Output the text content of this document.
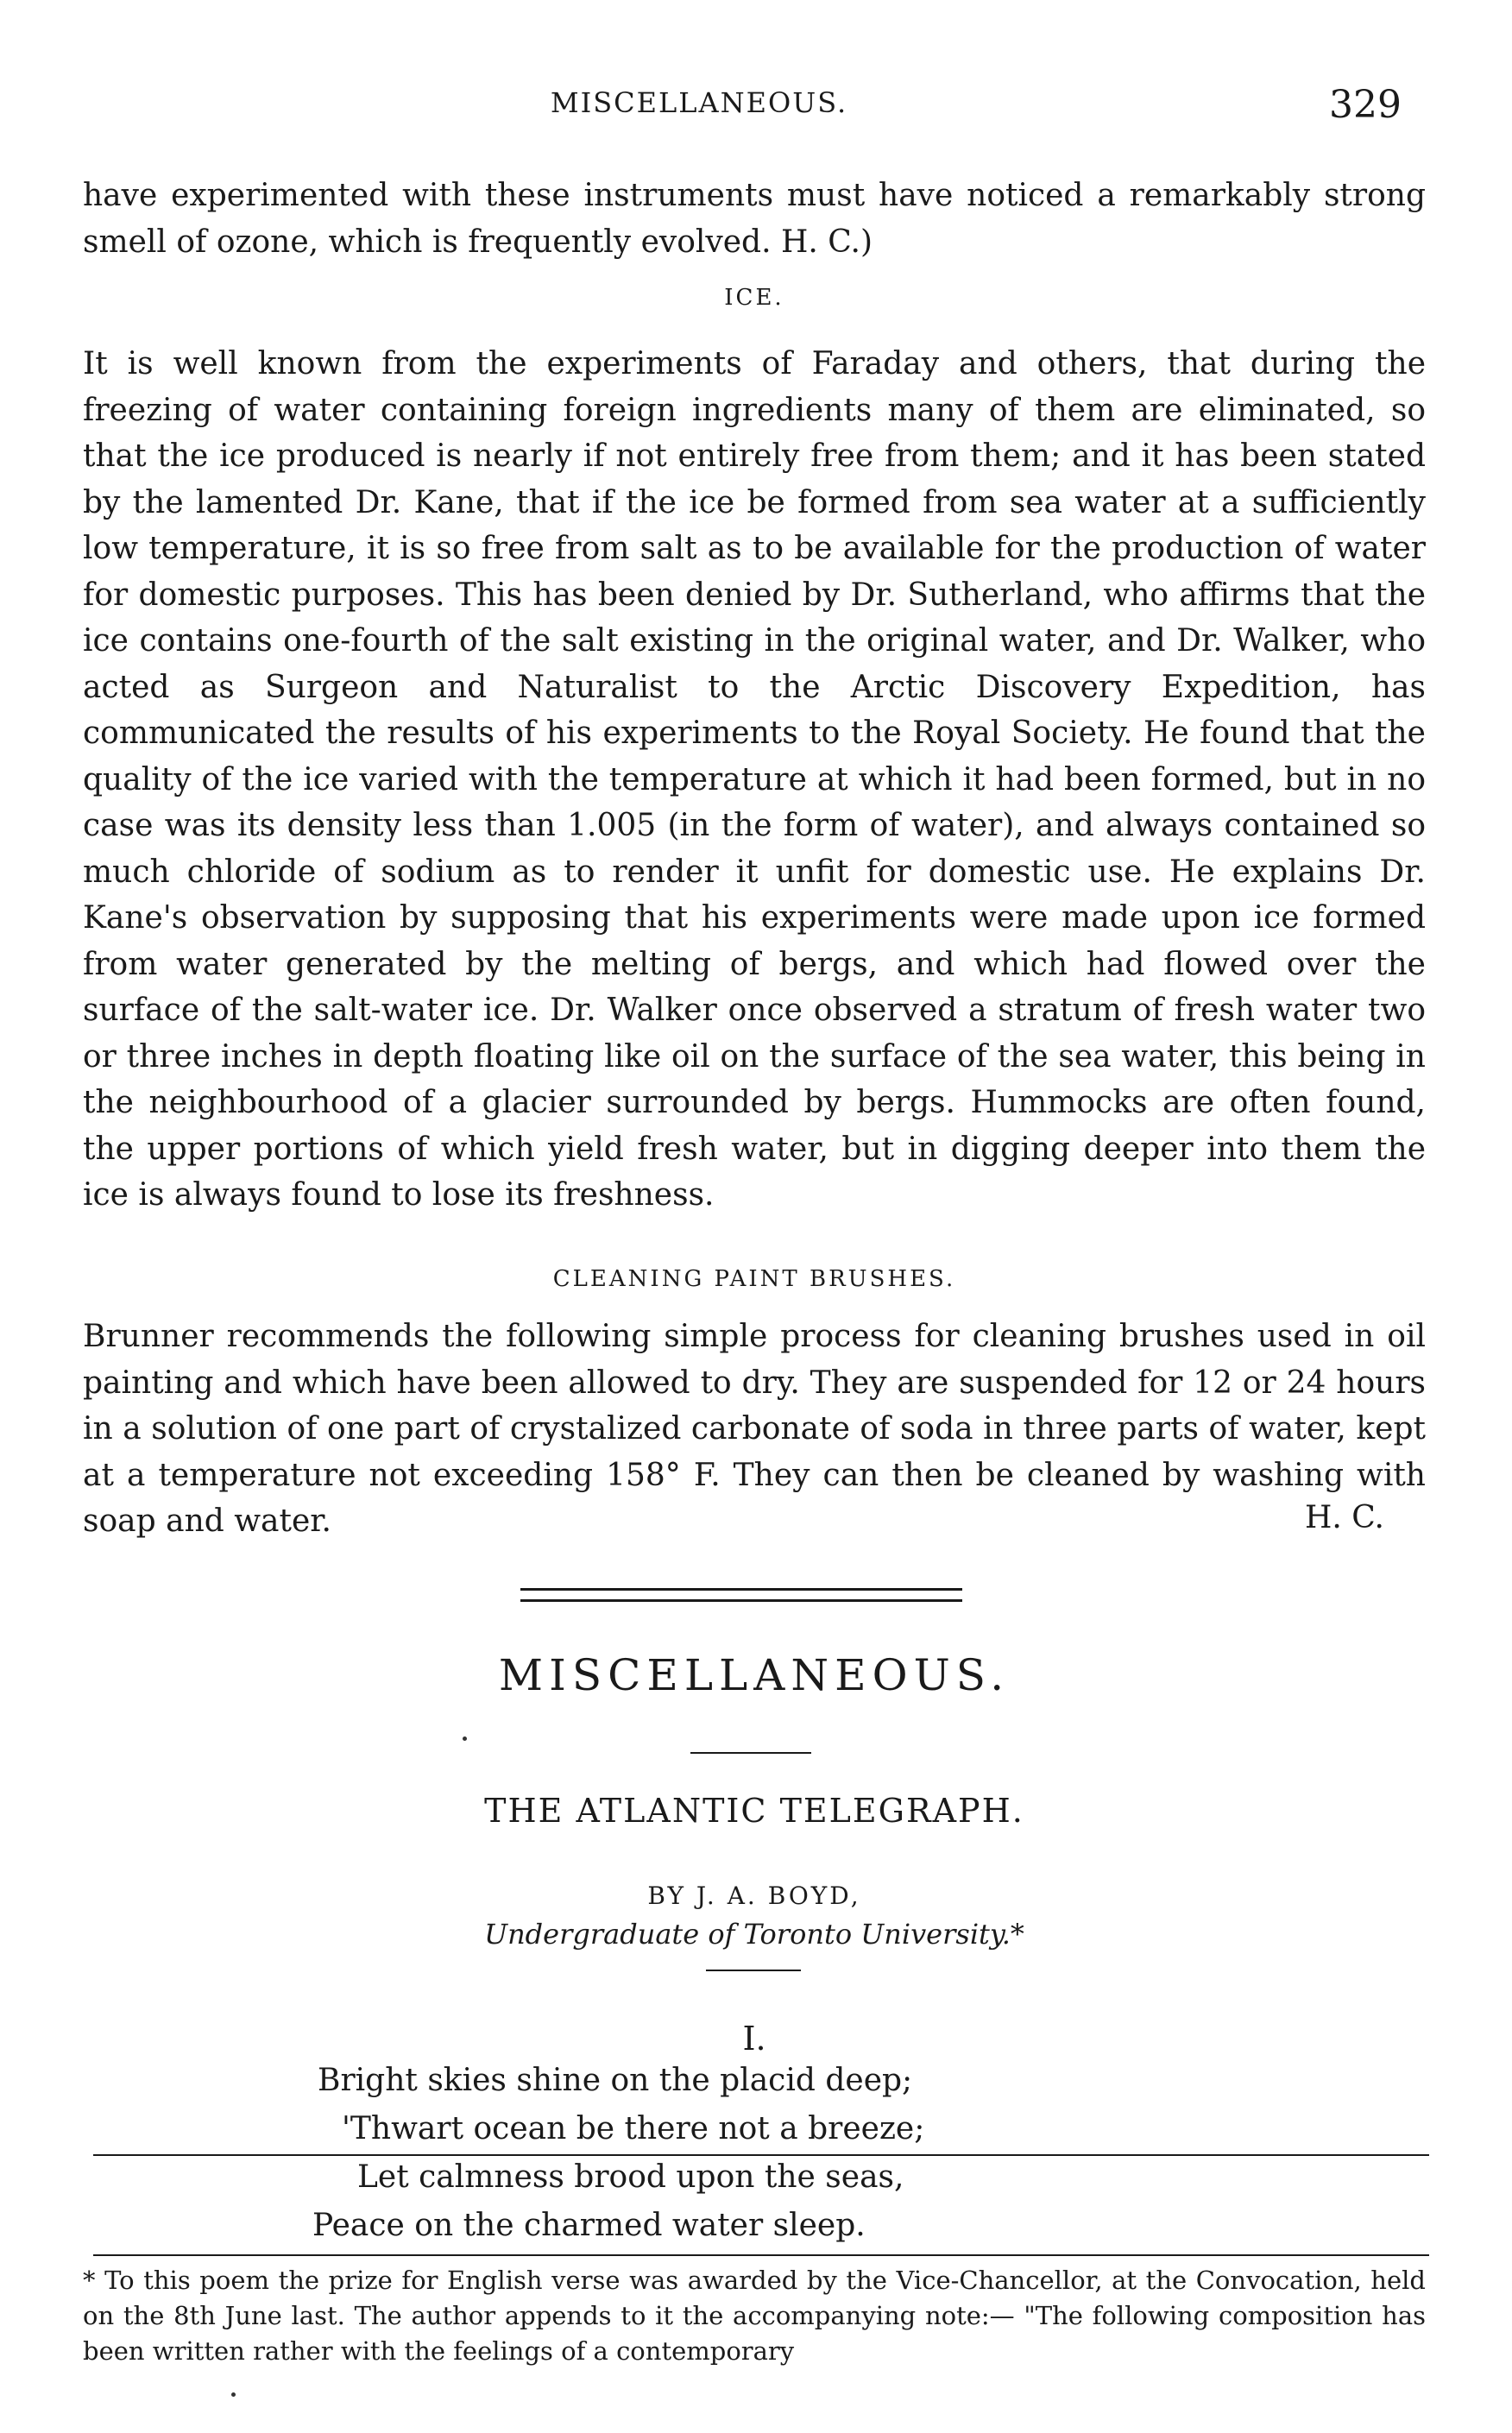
MISCELLANEOUS.	329

have experimented with these instruments must have noticed a remarkably strong smell of ozone, which is frequently evolved. H. C.)

ICE.

It is well known from the experiments of Faraday and others, that during the freezing of water containing foreign ingredients many of them are eliminated, so that the ice produced is nearly if not entirely free from them; and it has been stated by the lamented Dr. Kane, that if the ice be formed from sea water at a sufficiently low temperature, it is so free from salt as to be available for the production of water for domestic purposes. This has been denied by Dr. Sutherland, who affirms that the ice contains one-fourth of the salt existing in the original water, and Dr. Walker, who acted as Surgeon and Naturalist to the Arctic Discovery Expedition, has communicated the results of his experiments to the Royal Society. He found that the quality of the ice varied with the temperature at which it had been formed, but in no case was its density less than 1.005 (in the form of water), and always contained so much chloride of sodium as to render it unfit for domestic use. He explains Dr. Kane's observation by supposing that his experiments were made upon ice formed from water generated by the melting of bergs, and which had flowed over the surface of the salt-water ice. Dr. Walker once observed a stratum of fresh water two or three inches in depth floating like oil on the surface of the sea water, this being in the neighbourhood of a glacier surrounded by bergs. Hummocks are often found, the upper portions of which yield fresh water, but in digging deeper into them the ice is always found to lose its freshness.

CLEANING PAINT BRUSHES.

Brunner recommends the following simple process for cleaning brushes used in oil painting and which have been allowed to dry. They are suspended for 12 or 24 hours in a solution of one part of crystalized carbonate of soda in three parts of water, kept at a temperature not exceeding 158° F. They can then be cleaned by washing with soap and water.	H. C.
MISCELLANEOUS.
THE ATLANTIC TELEGRAPH.
BY J. A. BOYD,
Undergraduate of Toronto University.*
I.
Bright skies shine on the placid deep;
'Thwart ocean be there not a breeze;
Let calmness brood upon the seas,
Peace on the charmed water sleep.

* To this poem the prize for English verse was awarded by the Vice-Chancellor, at the Convocation, held on the 8th June last. The author appends to it the accompanying note:— "The following composition has been written rather with the feelings of a contemporary
